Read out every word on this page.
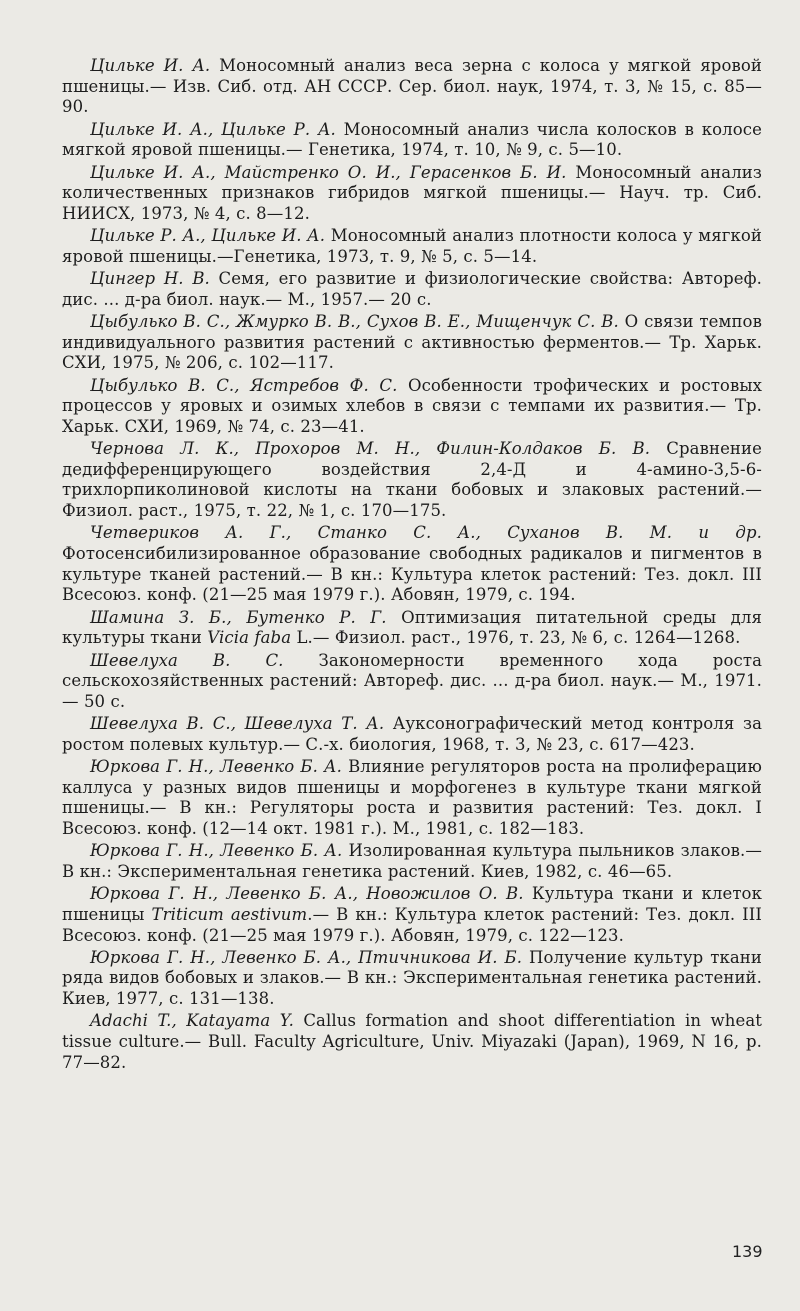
Цильке И. А. Моносомный анализ веса зерна с колоса у мягкой яровой пшеницы.— Изв. Сиб. отд. АН СССР. Сер. биол. наук, 1974, т. 3, № 15, с. 85—90.

Цильке И. А., Цильке Р. А. Моносомный анализ числа колосков в колосе мягкой яровой пшеницы.— Генетика, 1974, т. 10, № 9, с. 5—10.

Цильке И. А., Майстренко О. И., Герасенков Б. И. Моносомный анализ количественных признаков гибридов мягкой пшеницы.— Науч. тр. Сиб. НИИСХ, 1973, № 4, с. 8—12.

Цильке Р. А., Цильке И. А. Моносомный анализ плотности колоса у мягкой яровой пшеницы.—Генетика, 1973, т. 9, № 5, с. 5—14.

Цингер Н. В. Семя, его развитие и физиологические свойства: Автореф. дис. ... д-ра биол. наук.— М., 1957.— 20 с.

Цыбулько В. С., Жмурко В. В., Сухов В. Е., Мищенчук С. В. О связи темпов индивидуального развития растений с активностью ферментов.— Тр. Харьк. СХИ, 1975, № 206, с. 102—117.

Цыбулько В. С., Ястребов Ф. С. Особенности трофических и ростовых процессов у яровых и озимых хлебов в связи с темпами их развития.— Тр. Харьк. СХИ, 1969, № 74, с. 23—41.

Чернова Л. К., Прохоров М. Н., Филин-Колдаков Б. В. Сравнение дедифференцирующего воздействия 2,4-Д и 4-амино-3,5-6-трихлорпиколиновой кислоты на ткани бобовых и злаковых растений.— Физиол. раст., 1975, т. 22, № 1, с. 170—175.

Четвериков А. Г., Станко С. А., Суханов В. М. и др. Фотосенсибилизированное образование свободных радикалов и пигментов в культуре тканей растений.— В кн.: Культура клеток растений: Тез. докл. III Всесоюз. конф. (21—25 мая 1979 г.). Абовян, 1979, с. 194.

Шамина З. Б., Бутенко Р. Г. Оптимизация питательной среды для культуры ткани Vicia faba L.— Физиол. раст., 1976, т. 23, № 6, с. 1264—1268.

Шевелуха В. С. Закономерности временного хода роста сельскохозяйственных растений: Автореф. дис. ... д-ра биол. наук.— М., 1971.— 50 с.

Шевелуха В. С., Шевелуха Т. А. Ауксонографический метод контроля за ростом полевых культур.— С.-х. биология, 1968, т. 3, № 23, с. 617—423.

Юркова Г. Н., Левенко Б. А. Влияние регуляторов роста на пролиферацию каллуса у разных видов пшеницы и морфогенез в культуре ткани мягкой пшеницы.— В кн.: Регуляторы роста и развития растений: Тез. докл. I Всесоюз. конф. (12—14 окт. 1981 г.). М., 1981, с. 182—183.

Юркова Г. Н., Левенко Б. А. Изолированная культура пыльников злаков.— В кн.: Экспериментальная генетика растений. Киев, 1982, с. 46—65.

Юркова Г. Н., Левенко Б. А., Новожилов О. В. Культура ткани и клеток пшеницы Triticum aestivum.— В кн.: Культура клеток растений: Тез. докл. III Всесоюз. конф. (21—25 мая 1979 г.). Абовян, 1979, с. 122—123.

Юркова Г. Н., Левенко Б. А., Птичникова И. Б. Получение культур ткани ряда видов бобовых и злаков.— В кн.: Экспериментальная генетика растений. Киев, 1977, с. 131—138.

Adachi T., Katayama Y. Callus formation and shoot differentiation in wheat tissue culture.— Bull. Faculty Agriculture, Univ. Miyazaki (Japan), 1969, N 16, p. 77—82.

139
